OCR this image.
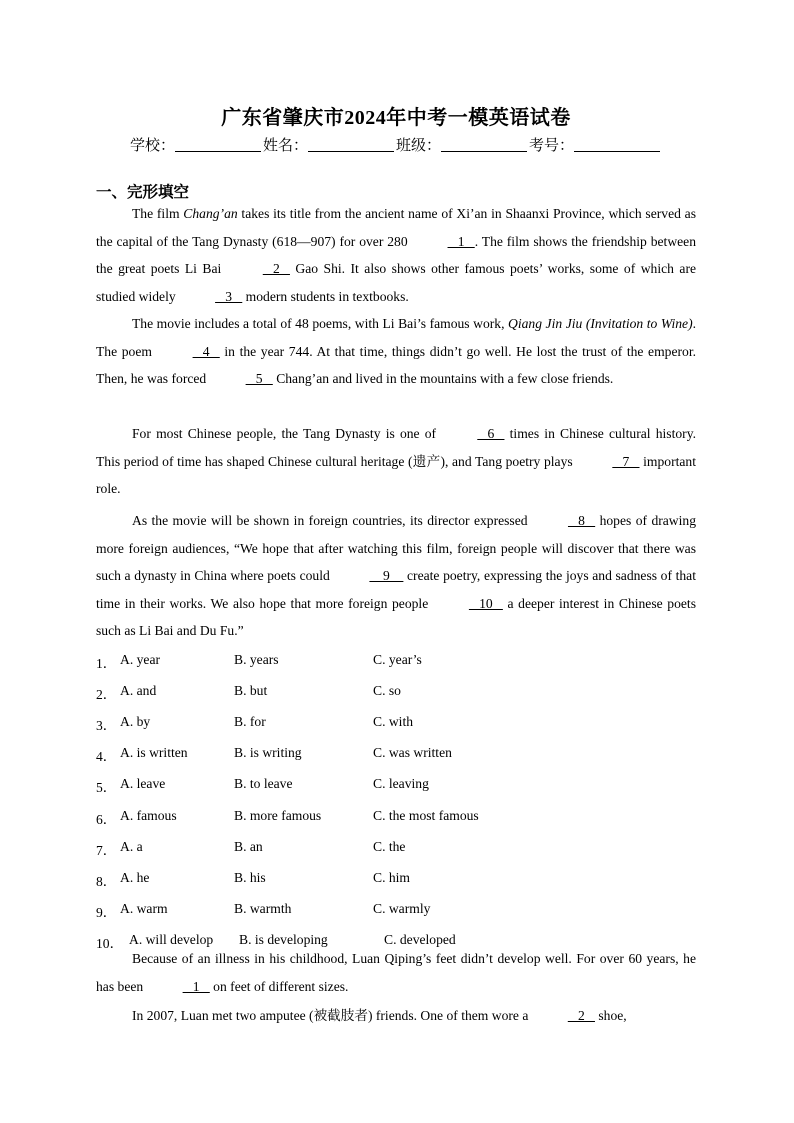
广东省肇庆市2024年中考一模英语试卷
学校：	姓名：	班级：	考号：
一、完形填空
The film Chang’an takes its title from the ancient name of Xi’an in Shaanxi Province, which served as the capital of the Tang Dynasty (618—907) for over 280	1   . The film shows the friendship between the great poets Li Bai	2    Gao Shi. It also shows other famous poets’ works, some of which are studied widely	3    modern students in textbooks.
The movie includes a total of 48 poems, with Li Bai’s famous work, Qiang Jin Jiu (Invitation to Wine). The poem	4    in the year 744. At that time, things didn’t go well. He lost the trust of the emperor. Then, he was forced	5    Chang’an and lived in the mountains with a few close friends.
For most Chinese people, the Tang Dynasty is one of	6    times in Chinese cultural history. This period of time has shaped Chinese cultural heritage (遗产), and Tang poetry plays	7    important role.
As the movie will be shown in foreign countries, its director expressed	8    hopes of drawing more foreign audiences, “We hope that after watching this film, foreign people will discover that there was such a dynasty in China where poets could	9     create poetry, expressing the joys and sadness of that time in their works. We also hope that more foreign people	10    a deeper interest in Chinese poets such as Li Bai and Du Fu.”
1． A. year	B. years	C. year’s
2． A. and	B. but	C. so
3． A. by	B. for	C. with
4． A. is written	B. is writing	C. was written
5． A. leave	B. to leave	C. leaving
6． A. famous	B. more famous	C. the most famous
7． A. a	B. an	C. the
8． A. he	B. his	C. him
9． A. warm	B. warmth	C. warmly
10． A. will develop B. is developing	C. developed
Because of an illness in his childhood, Luan Qiping’s feet didn’t develop well. For over 60 years, he has been	1    on feet of different sizes.
In 2007, Luan met two amputee (被截肢者) friends. One of them wore a	2    shoe,
